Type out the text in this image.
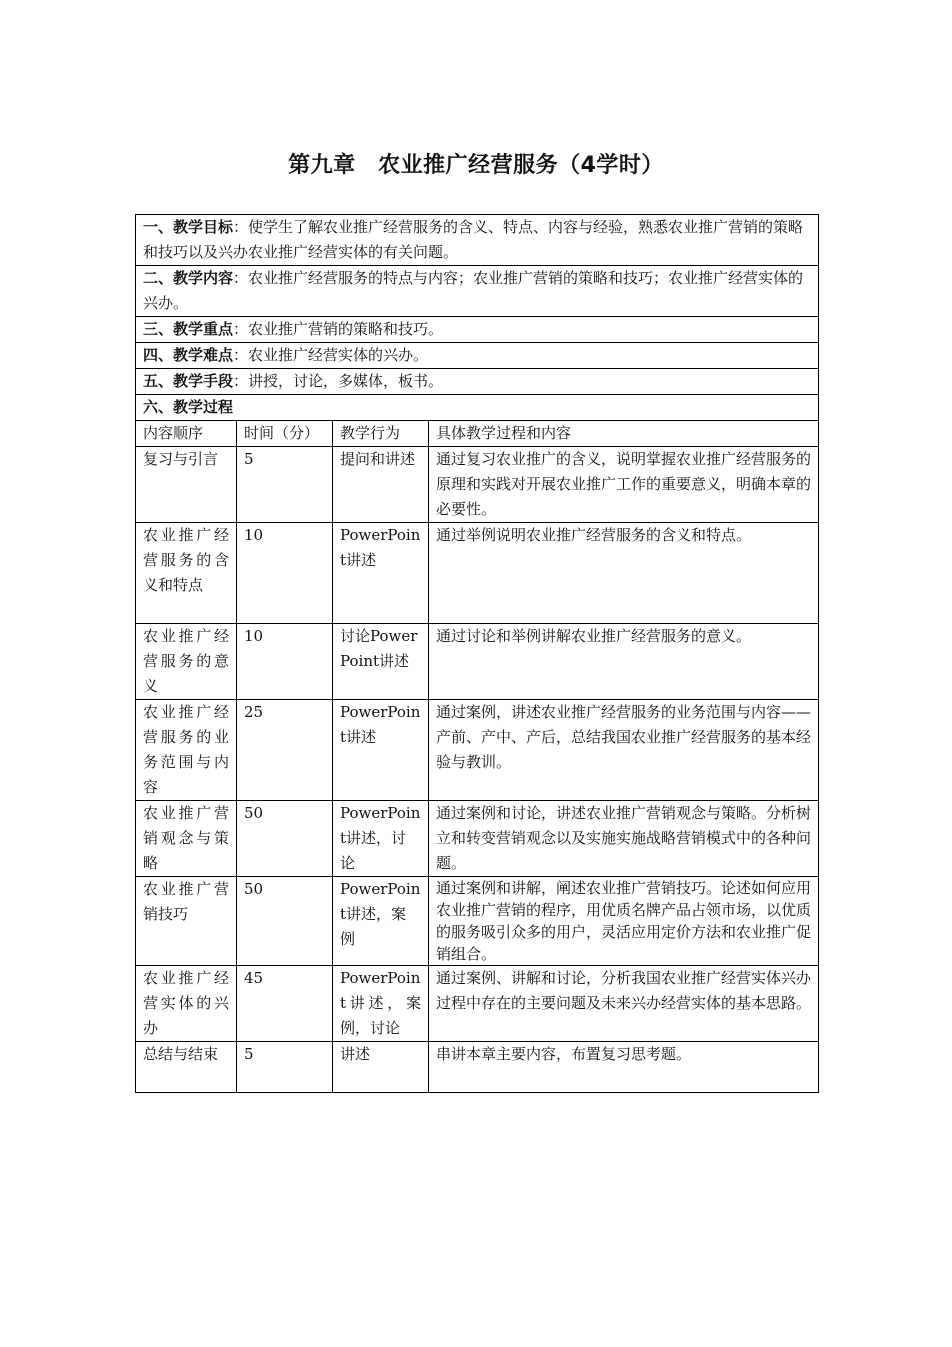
第九章　农业推广经营服务（4学时）
一、教学目标：使学生了解农业推广经营服务的含义、特点、内容与经验，熟悉农业推广营销的策略和技巧以及兴办农业推广经营实体的有关问题。			
二、教学内容：农业推广经营服务的特点与内容；农业推广营销的策略和技巧；农业推广经营实体的兴办。			
三、教学重点：农业推广营销的策略和技巧。			
四、教学难点：农业推广经营实体的兴办。			
五、教学手段：讲授，讨论，多媒体，板书。			
六、教学过程			
内容顺序	时间（分）	教学行为	具体教学过程和内容
复习与引言	5	提问和讲述	通过复习农业推广的含义，说明掌握农业推广经营服务的原理和实践对开展农业推广工作的重要意义，明确本章的必要性。
农业推广经营服务的含义和特点	10	PowerPoint讲述	通过举例说明农业推广经营服务的含义和特点。
农业推广经营服务的意义	10	讨论PowerPoint讲述	通过讨论和举例讲解农业推广经营服务的意义。
农业推广经营服务的业务范围与内容	25	PowerPoint讲述	通过案例，讲述农业推广经营服务的业务范围与内容——产前、产中、产后，总结我国农业推广经营服务的基本经验与教训。
农业推广营销观念与策略	50	PowerPoint讲述，讨论	通过案例和讨论，讲述农业推广营销观念与策略。分析树立和转变营销观念以及实施实施战略营销模式中的各种问题。
农业推广营销技巧	50	PowerPoint讲述，案例	通过案例和讲解，阐述农业推广营销技巧。论述如何应用农业推广营销的程序，用优质名牌产品占领市场，以优质的服务吸引众多的用户，灵活应用定价方法和农业推广促销组合。
农业推广经营实体的兴办	45	PowerPoint讲述，案例，讨论	通过案例、讲解和讨论，分析我国农业推广经营实体兴办过程中存在的主要问题及未来兴办经营实体的基本思路。
总结与结束	5	讲述	串讲本章主要内容，布置复习思考题。
